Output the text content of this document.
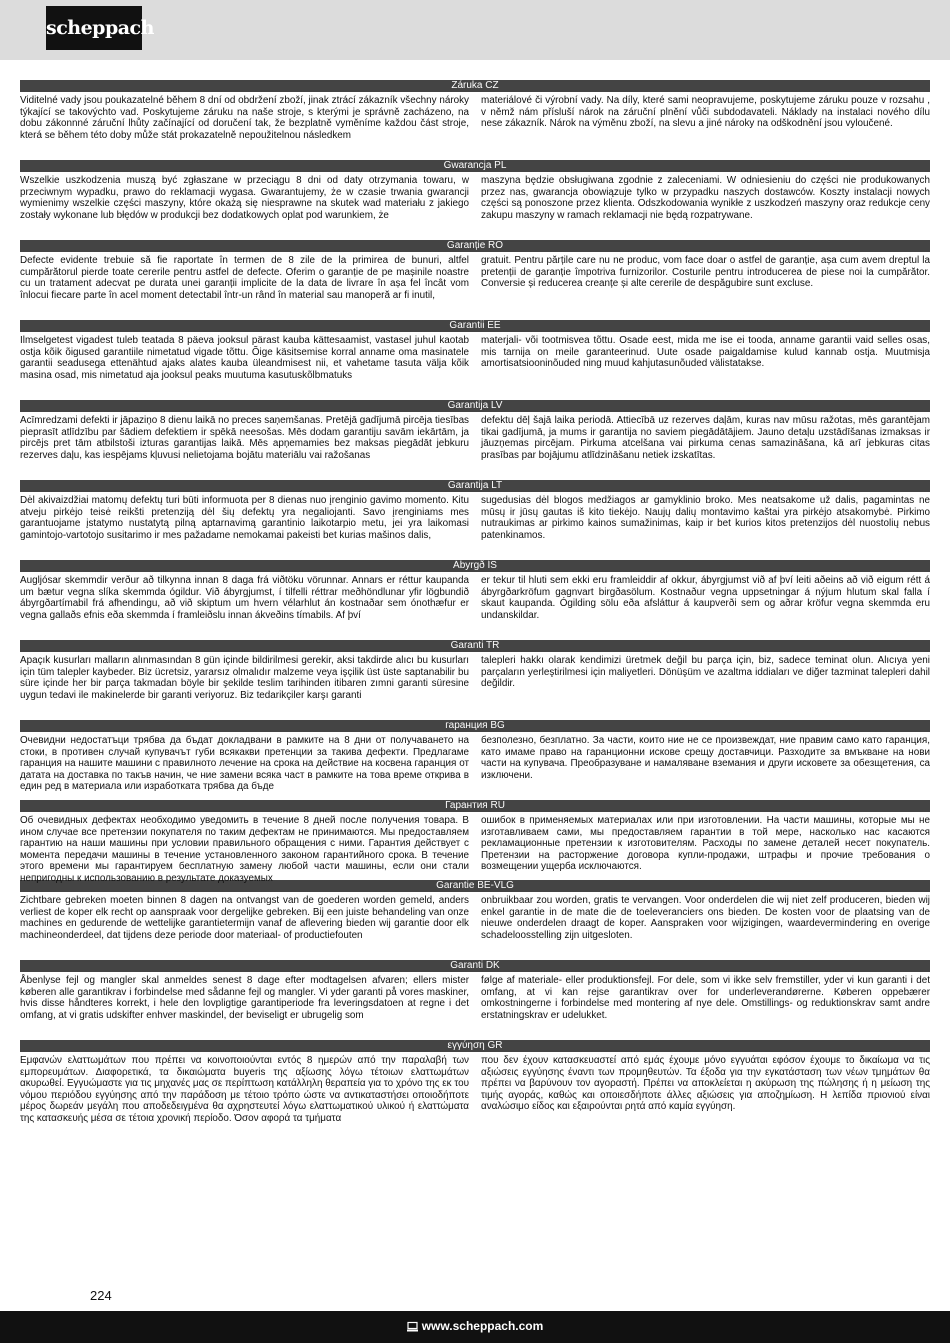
scheppach
Záruka CZ
Viditelné vady jsou poukazatelné během 8 dní od obdržení zboží, jinak ztrácí zákazník všechny nároky týkající se takovýchto vad. Poskytujeme záruku na naše stroje, s kterými je správně zacházeno, na dobu zákonnné záruční lhůty začínající od doručení tak, že bezplatně vyměníme každou část stroje, která se během této doby může stát prokazatelně nepoužitelnou následkem
materiálové či výrobní vady. Na díly, které sami neopravujeme, poskytujeme záruku pouze v rozsahu , v němž nám přísluší nárok na záruční plnění vůči subdodavateli. Náklady na instalaci nového dílu nese zákazník. Nárok na výměnu zboží, na slevu a jiné nároky na odškodnění jsou vyloučené.
Gwarancja PL
Wszelkie uszkodzenia muszą być zgłaszane w przeciągu 8 dni od daty otrzymania towaru, w przeciwnym wypadku, prawo do reklamacji wygasa. Gwarantujemy, że w czasie trwania gwarancji wymienimy wszelkie części maszyny, które okażą się niesprawne na skutek wad materiału z jakiego zostały wykonane lub błędów w produkcji bez dodatkowych oplat pod warunkiem, że
maszyna będzie obsługiwana zgodnie z zaleceniami. W odniesieniu do części nie produkowanych przez nas, gwarancja obowiązuje tylko w przypadku naszych dostawców. Koszty instalacji nowych części są ponoszone przez klienta. Odszkodowania wynikłe z uszkodzeń maszyny oraz redukcje ceny zakupu maszyny w ramach reklamacji nie będą rozpatrywane.
Garanție RO
Defecte evidente trebuie să fie raportate în termen de 8 zile de la primirea de bunuri, altfel cumpărătorul pierde toate cererile pentru astfel de defecte. Oferim o garanție de pe mașinile noastre cu un tratament adecvat pe durata unei garanții implicite de la data de livrare în așa fel încât vom înlocui fiecare parte în acel moment detectabil într-un rând în material sau manoperă ar fi inutil,
gratuit. Pentru părțile care nu ne produc, vom face doar o astfel de garanție, așa cum avem dreptul la pretenții de garanție împotriva furnizorilor. Costurile pentru introducerea de piese noi la cumpărător. Conversie și reducerea creanțe și alte cererile de despăgubire sunt excluse.
Garantii EE
Ilmselgetest vigadest tuleb teatada 8 päeva jooksul pärast kauba kättesaamist, vastasel juhul kaotab ostja kõik õigused garantiile nimetatud vigade tõttu. Õige käsitsemise korral anname oma masinatele garantii seadusega ettenähtud ajaks alates kauba üleandmisest nii, et vahetame tasuta välja kõik masina osad, mis nimetatud aja jooksul peaks muutuma kasutuskõlbmatuks
materjali- või tootmisvea tõttu. Osade eest, mida me ise ei tooda, anname garantii vaid selles osas, mis tarnija on meile garanteerinud. Uute osade paigaldamise kulud kannab ostja. Muutmisja amortisatsiooninõuded ning muud kahjutasunõuded välistatakse.
Garantija LV
Acīmredzami defekti ir jāpaziņo 8 dienu laikā no preces saņemšanas. Pretējā gadījumā pircēja tiesības pieprasīt atlīdzību par šādiem defektiem ir spēkā neesošas. Mēs dodam garantiju savām iekārtām, ja pircējs pret tām atbilstoši izturas garantijas laikā. Mēs apņemamies bez maksas piegādāt jebkuru rezerves daļu, kas iespējams kļuvusi nelietojama bojātu materiālu vai ražošanas
defektu dēļ šajā laika periodā. Attiecībā uz rezerves daļām, kuras nav mūsu ražotas, mēs garantējam tikai gadījumā, ja mums ir garantija no saviem piegādātājiem. Jauno detaļu uzstādīšanas izmaksas ir jāuzņemas pircējam. Pirkuma atcelšana vai pirkuma cenas samazināšana, kā arī jebkuras citas prasības par bojājumu atlīdzināšanu netiek izskatītas.
Garantija LT
Dėl akivaizdžiai matomų defektų turi būti informuota per 8 dienas nuo įrenginio gavimo momento. Kitu atveju pirkėjo teisė reikšti pretenziją dėl šių defektų yra negaliojanti. Savo įrenginiams mes garantuojame įstatymo nustatytą pilną aptarnavimą garantinio laikotarpio metu, jei yra laikomasi gamintojo-vartotojo susitarimo ir mes pažadame nemokamai pakeisti bet kurias mašinos dalis,
sugedusias dėl blogos medžiagos ar gamyklinio broko. Mes neatsakome už dalis, pagamintas ne mūsų ir jūsų gautas iš kito tiekėjo. Naujų dalių montavimo kaštai yra pirkėjo atsakomybė. Pirkimo nutraukimas ar pirkimo kainos sumažinimas, kaip ir bet kurios kitos pretenzijos dėl nuostolių nebus patenkinamos.
Ábyrgð ÍS
Augljósar skemmdir verður að tilkynna innan 8 daga frá viðtöku vörunnar. Annars er réttur kaupanda um bætur vegna slíka skemmda ógildur. Við ábyrgjumst, í tilfelli réttrar meðhöndlunar yfir lögbundið ábyrgðartímabil frá afhendingu, að við skiptum um hvern vélarhlut án kostnaðar sem ónothæfur er vegna gallaðs efnis eða skemmda í framleiðslu innan ákveðins tímabils. Af því
er tekur til hluti sem ekki eru framleiddir af okkur, ábyrgjumst við af því leiti aðeins að við eigum rétt á ábyrgðarkröfum gagnvart birgðasölum. Kostnaður vegna uppsetningar á nýjum hlutum skal falla í skaut kaupanda. Ógilding sölu eða afsláttur á kaupverði sem og aðrar kröfur vegna skemmda eru undanskildar.
Garanti TR
Apaçık kusurları malların alınmasından 8 gün içinde bildirilmesi gerekir, aksi takdirde alıcı bu kusurları için tüm talepler kaybeder. Biz ücretsiz, yararsız olmalıdır malzeme veya işçilik üst üste saptanabilir bu süre içinde her bir parça takmadan böyle bir şekilde teslim tarihinden itibaren zımni garanti süresine uygun tedavi ile makinelerde bir garanti veriyoruz. Biz tedarikçiler karşı garanti
talepleri hakkı olarak kendimizi üretmek değil bu parça için, biz, sadece teminat olun. Alıcıya yeni parçaların yerleştirilmesi için maliyetleri. Dönüşüm ve azaltma iddiaları ve diğer tazminat talepleri dahil değildir.
гаранция BG
Очевидни недостатъци трябва да бъдат докладвани в рамките на 8 дни от получаването на стоки, в противен случай купувачът губи всякакви претенции за такива дефекти. Предлагаме гаранция на нашите машини с правилното лечение на срока на действие на косвена гаранция от датата на доставка по такъв начин, че ние замени всяка част в рамките на това време откривa в един ред в материала или изработката трябва да бъде
безполезно, безплатно. За части, които ние не се произвеждат, ние правим само като гаранция, като имаме право на гаранционни искове срещу доставчици. Разходите за вмъкване на нови части на купувача. Преобразуване и намаляване вземания и други исковете за обезщетения, са изключени.
Гарантия RU
Об очевидных дефектах необходимо уведомить в течение 8 дней после получения товара. В ином случае все претензии покупателя по таким дефектам не принимаются. Мы предоставляем гарантию на наши машины при условии правильного обращения с ними. Гарантия действует с момента передачи машины в течение установленного законом гарантийного срока. В течение этого времени мы гарантируем бесплатную замену любой части машины, если они стали непригодны к использованию в результате доказуемых
ошибок в применяемых материалах или при изготовлении. На части машины, которые мы не изготавливаем сами, мы предоставляем гарантии в той мере, насколько нас касаются рекламационные претензии к изготовителям. Расходы по замене деталей несет покупатель. Претензии на расторжение договора купли-продажи, штрафы и прочие требования о возмещении ущерба исключаются.
Garantie BE-VLG
Zichtbare gebreken moeten binnen 8 dagen na ontvangst van de goederen worden gemeld, anders verliest de koper elk recht op aanspraak voor dergelijke gebreken. Bij een juiste behandeling van onze machines en gedurende de wettelijke garantietermijn vanaf de aflevering bieden wij garantie door elk machineonderdeel, dat tijdens deze periode door materiaal- of productiefouten
onbruikbaar zou worden, gratis te vervangen. Voor onderdelen die wij niet zelf produceren, bieden wij enkel garantie in de mate die de toeleveranciers ons bieden. De kosten voor de plaatsing van de nieuwe onderdelen draagt de koper. Aanspraken voor wijzigingen, waardevermindering en overige schadeloosstelling zijn uitgesloten.
Garanti DK
Åbenlyse fejl og mangler skal anmeldes senest 8 dage efter modtagelsen afvaren; ellers mister køberen alle garantikrav i forbindelse med sådanne fejl og mangler. Vi yder garanti på vores maskiner, hvis disse håndteres korrekt, i hele den lovpligtige garantiperiode fra leveringsdatoen at regne i det omfang, at vi gratis udskifter enhver maskindel, der beviseligt er ubrugelig som
følge af materiale- eller produktionsfejl. For dele, som vi ikke selv fremstiller, yder vi kun garanti i det omfang, at vi kan rejse garantikrav over for underleverandørerne. Køberen oppebærer omkostningerne i forbindelse med montering af nye dele. Omstillings- og reduktionskrav samt andre erstatningskrav er udelukket.
εγγύηση GR
Εμφανών ελαττωμάτων που πρέπει να κοινοποιούνται εντός 8 ημερών από την παραλαβή των εμπορευμάτων. Διαφορετικά, τα δικαιώματα buyeris της αξίωσης λόγω τέτοιων ελαττωμάτων ακυρωθεί. Εγγυώμαστε για τις μηχανές μας σε περίπτωση κατάλληλη θεραπεία για το χρόνο της εκ του νόμου περιόδου εγγύησης από την παράδοση με τέτοιο τρόπο ώστε να αντικαταστήσει οποιοδήποτε μέρος δωρεάν μεγάλη που αποδεδειγμένα θα αχρηστευτεί λόγω ελαττωματικού υλικού ή ελαττώματα της κατασκευής μέσα σε τέτοια χρονική περίοδο. Όσον αφορά τα τμήματα
που δεν έχουν κατασκευαστεί από εμάς έχουμε μόνο εγγυάται εφόσον έχουμε το δικαίωμα να τις αξιώσεις εγγύησης έναντι των προμηθευτών. Τα έξοδα για την εγκατάσταση των νέων τμημάτων θα πρέπει να βαρύνουν τον αγοραστή. Πρέπει να αποκλείεται η ακύρωση της πώλησης ή η μείωση της τιμής αγοράς, καθώς και οποιεσδήποτε άλλες αξιώσεις για αποζημίωση. Η λεπίδα πριονιού είναι αναλώσιμο είδος και εξαιρούνται ρητά από καμία εγγύηση.
224
www.scheppach.com
